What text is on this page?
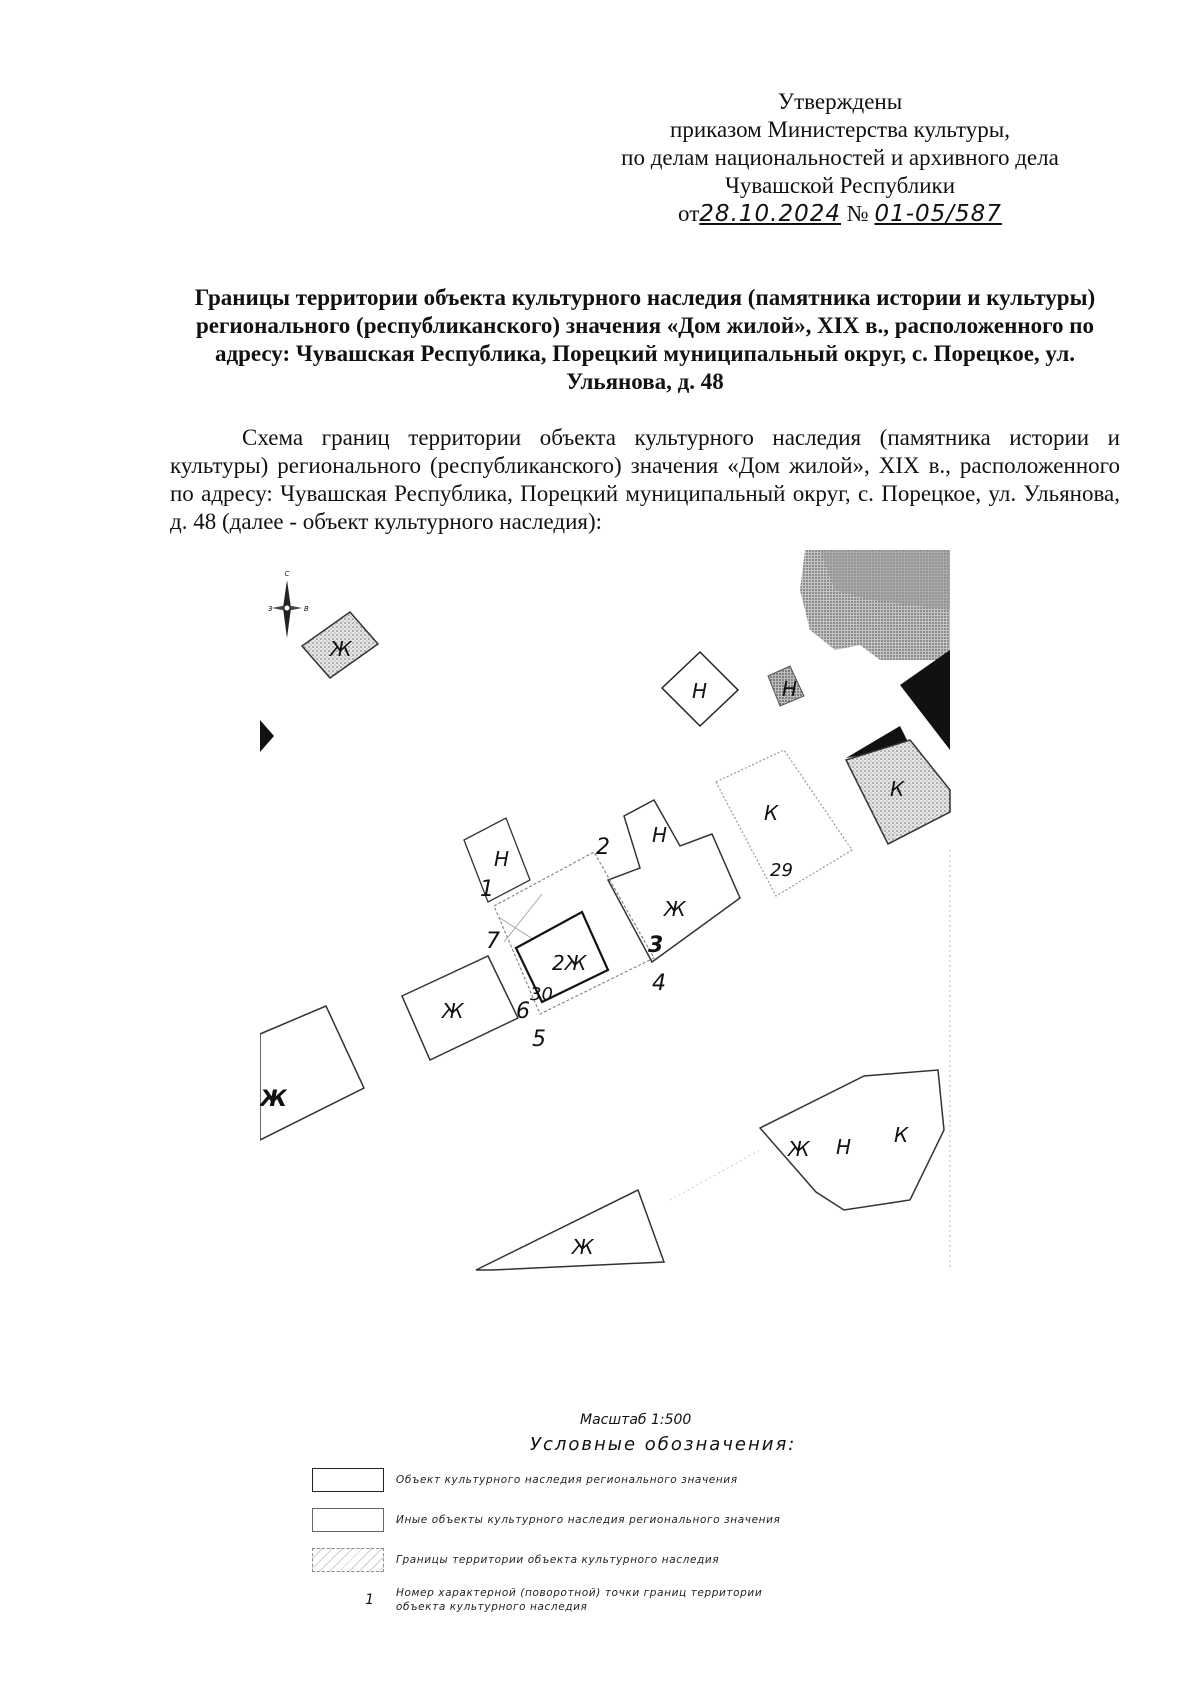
Утверждены
приказом Министерства культуры,
по делам национальностей и архивного дела
Чувашской Республики
от28.10.2024 № 01-05/587
Границы территории объекта культурного наследия (памятника истории и культуры) регионального (республиканского) значения «Дом жилой», XIX в., расположенного по адресу: Чувашская Республика, Порецкий муниципальный округ, с. Порецкое, ул. Ульянова, д. 48
Схема границ территории объекта культурного наследия (памятника истории и культуры) регионального (республиканского) значения «Дом жилой», XIX в., расположенного по адресу: Чувашская Республика, Порецкий муниципальный округ, с. Порецкое, ул. Ульянова, д. 48 (далее - объект культурного наследия):
С
З	В
Ж
Н	Н
К
К
29
Н
Н
Ж
2Ж
30
1
2
3
4
5
6
7
Ж
Ж
Ж Н К
Ж
Масштаб 1:500
Условные обозначения:
Объект культурного наследия регионального значения
Иные объекты культурного наследия регионального значения
Границы территории объекта культурного наследия
1	Номер характерной (поворотной) точки границ территории объекта культурного наследия
